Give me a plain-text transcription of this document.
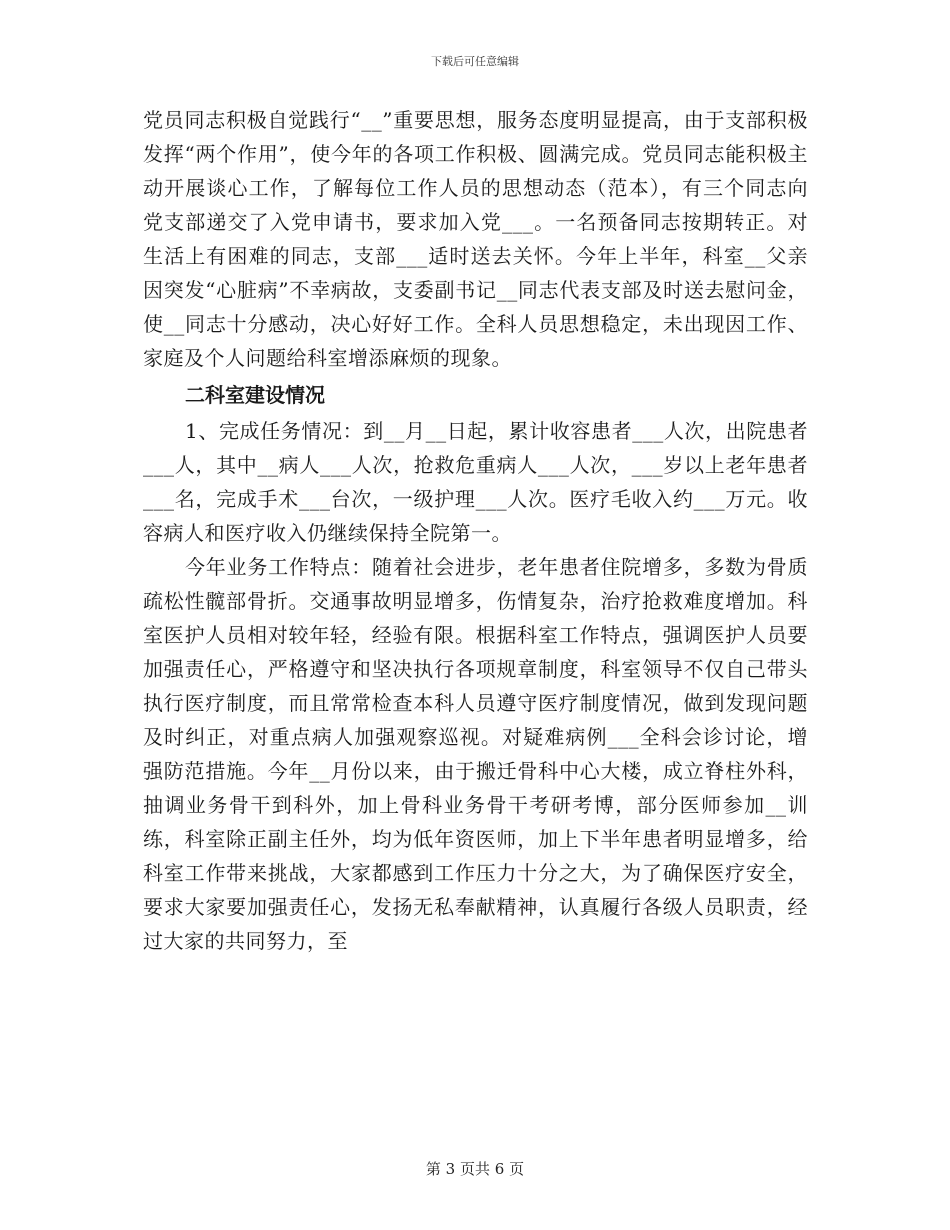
下载后可任意编辑

党员同志积极自觉践行“__”重要思想，服务态度明显提高，由于支部积极发挥“两个作用”，使今年的各项工作积极、圆满完成。党员同志能积极主动开展谈心工作，了解每位工作人员的思想动态（范本），有三个同志向党支部递交了入党申请书，要求加入党___。一名预备同志按期转正。对生活上有困难的同志，支部___适时送去关怀。今年上半年，科室__父亲因突发“心脏病”不幸病故，支委副书记__同志代表支部及时送去慰问金，使__同志十分感动，决心好好工作。全科人员思想稳定，未出现因工作、家庭及个人问题给科室增添麻烦的现象。

二科室建设情况

1、完成任务情况：到__月__日起，累计收容患者___人次，出院患者___人，其中__病人___人次，抢救危重病人___人次，___岁以上老年患者___名，完成手术___台次，一级护理___人次。医疗毛收入约___万元。收容病人和医疗收入仍继续保持全院第一。

今年业务工作特点：随着社会进步，老年患者住院增多，多数为骨质疏松性髋部骨折。交通事故明显增多，伤情复杂，治疗抢救难度增加。科室医护人员相对较年轻，经验有限。根据科室工作特点，强调医护人员要加强责任心，严格遵守和坚决执行各项规章制度，科室领导不仅自己带头执行医疗制度，而且常常检查本科人员遵守医疗制度情况，做到发现问题及时纠正，对重点病人加强观察巡视。对疑难病例___全科会诊讨论，增强防范措施。今年__月份以来，由于搬迁骨科中心大楼，成立脊柱外科，抽调业务骨干到科外，加上骨科业务骨干考研考博，部分医师参加__训练，科室除正副主任外，均为低年资医师，加上下半年患者明显增多，给科室工作带来挑战，大家都感到工作压力十分之大，为了确保医疗安全，要求大家要加强责任心，发扬无私奉献精神，认真履行各级人员职责，经过大家的共同努力，至

第 3 页共 6 页
